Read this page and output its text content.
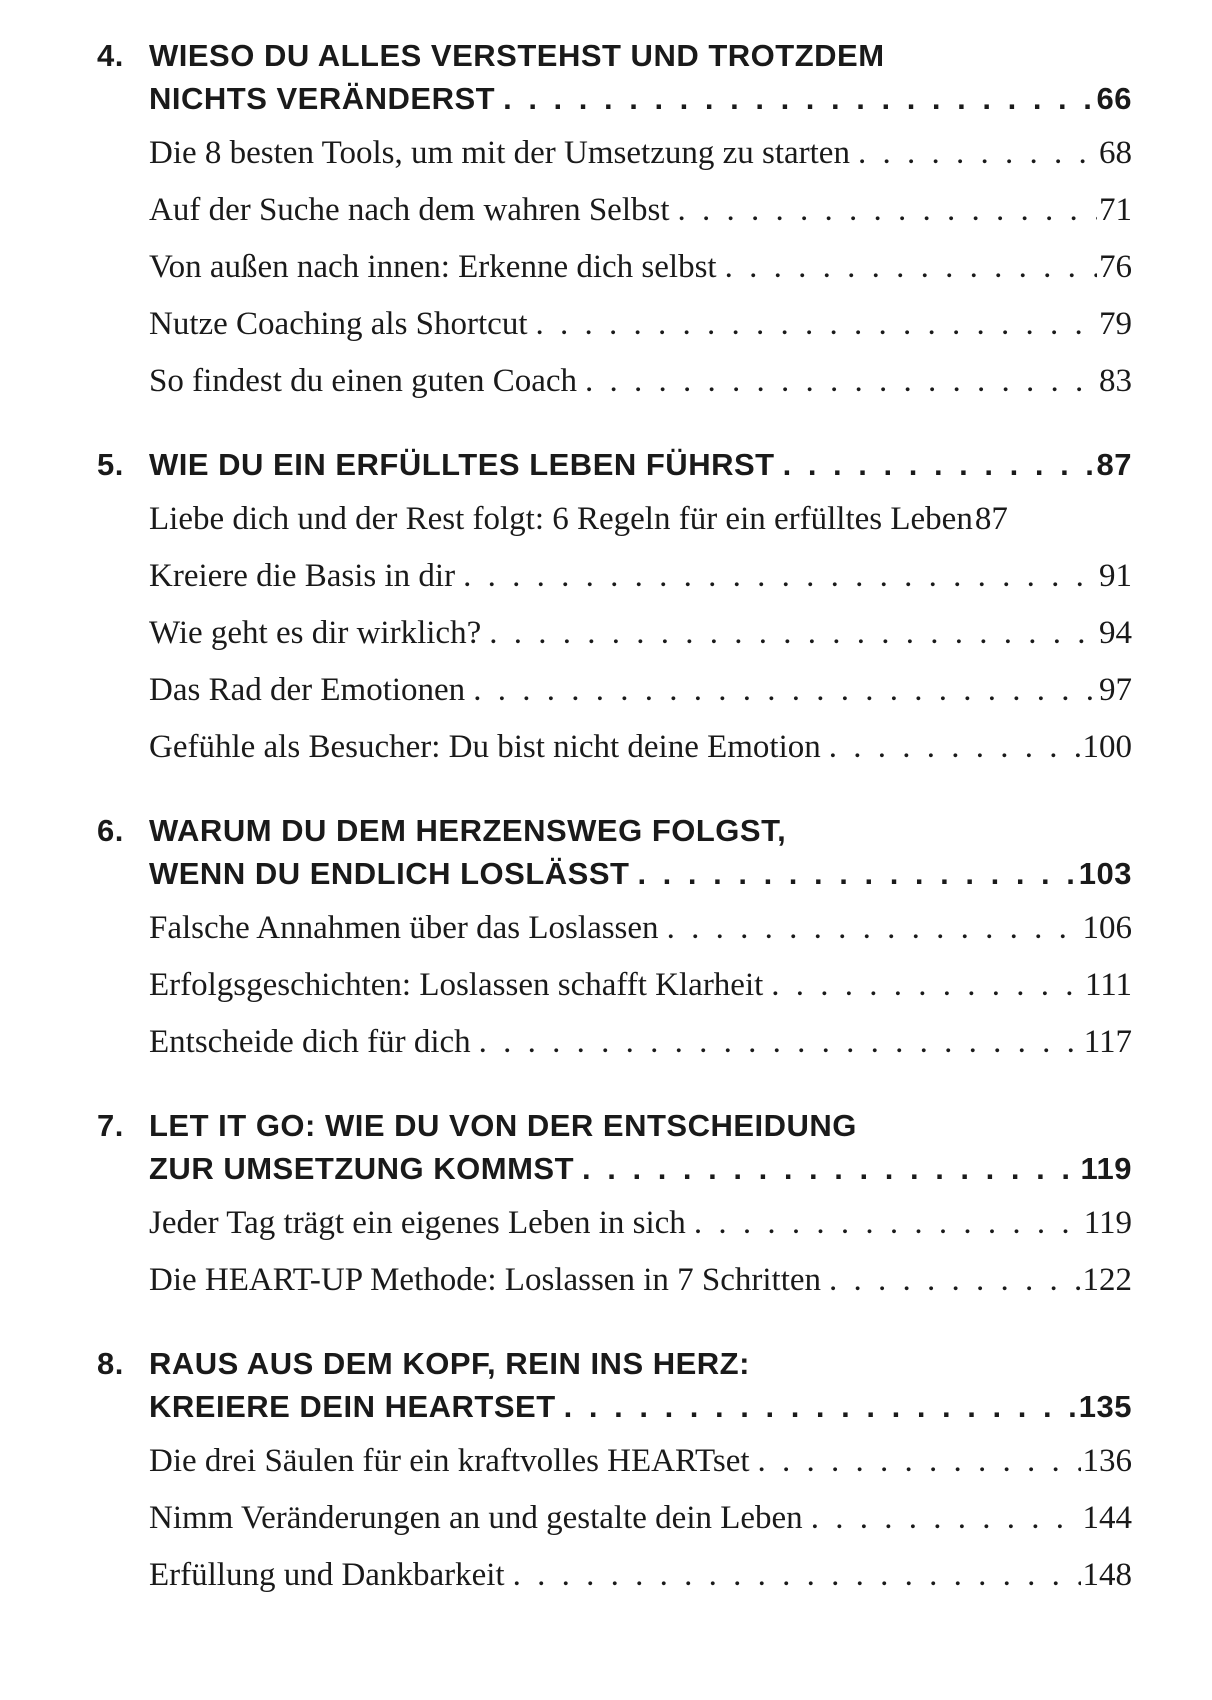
4. WIESO DU ALLES VERSTEHST UND TROTZDEM
NICHTS VERÄNDERST . . .	66
Die 8 besten Tools, um mit der Umsetzung zu starten . . .	68
Auf der Suche nach dem wahren Selbst . . .	71
Von außen nach innen: Erkenne dich selbst . . .	76
Nutze Coaching als Shortcut . . .	79
So findest du einen guten Coach . . .	83
5. WIE DU EIN ERFÜLLTES LEBEN FÜHRST . . .	87
Liebe dich und der Rest folgt: 6 Regeln für ein erfülltes Leben 87
Kreiere die Basis in dir . . .	91
Wie geht es dir wirklich? . . .	94
Das Rad der Emotionen . . .	97
Gefühle als Besucher: Du bist nicht deine Emotion . . .	100
6. WARUM DU DEM HERZENSWEG FOLGST,
WENN DU ENDLICH LOSLÄSST . . .	103
Falsche Annahmen über das Loslassen . . .	106
Erfolgsgeschichten: Loslassen schafft Klarheit . . .	111
Entscheide dich für dich . . .	117
7. LET IT GO: WIE DU VON DER ENTSCHEIDUNG
ZUR UMSETZUNG KOMMST . . .	119
Jeder Tag trägt ein eigenes Leben in sich . . .	119
Die HEART-UP Methode: Loslassen in 7 Schritten . . .	122
8. RAUS AUS DEM KOPF, REIN INS HERZ:
KREIERE DEIN HEARTSET . . .	135
Die drei Säulen für ein kraftvolles HEARTset . . .	136
Nimm Veränderungen an und gestalte dein Leben . . .	144
Erfüllung und Dankbarkeit . . .	148
